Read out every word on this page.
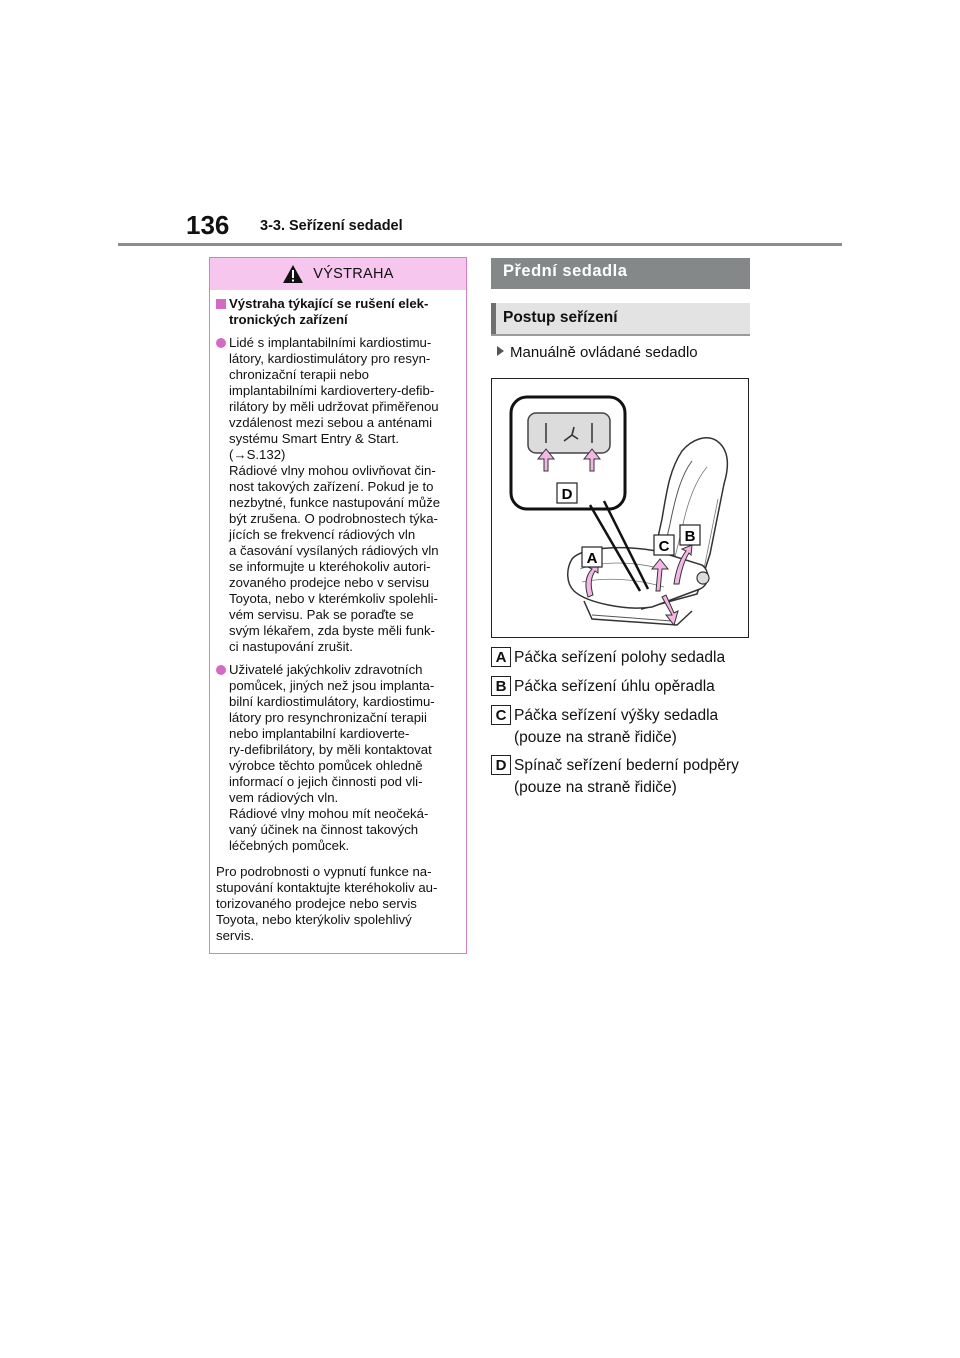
136 3-3. Seřízení sedadel
VÝSTRAHA
Výstraha týkající se rušení elek-
tronických zařízení
Lidé s implantabilními kardiostimu-
látory, kardiostimulátory pro resyn-
chronizační terapii nebo
implantabilními kardiovertery-defib-
rilátory by měli udržovat přiměřenou
vzdálenost mezi sebou a anténami
systému Smart Entry & Start.
(→S.132)
Rádiové vlny mohou ovlivňovat čin-
nost takových zařízení. Pokud je to
nezbytné, funkce nastupování může
být zrušena. O podrobnostech týka-
jících se frekvencí rádiových vln
a časování vysílaných rádiových vln
se informujte u kteréhokoliv autori-
zovaného prodejce nebo v servisu
Toyota, nebo v kterémkoliv spolehli-
vém servisu. Pak se poraďte se
svým lékařem, zda byste měli funk-
ci nastupování zrušit.
Uživatelé jakýchkoliv zdravotních
pomůcek, jiných než jsou implanta-
bilní kardiostimulátory, kardiostimu-
látory pro resynchronizační terapii
nebo implantabilní kardioverte-
ry-defibrilátory, by měli kontaktovat
výrobce těchto pomůcek ohledně
informací o jejich činnosti pod vli-
vem rádiových vln.
Rádiové vlny mohou mít neočeká-
vaný účinek na činnost takových
léčebných pomůcek.
Pro podrobnosti o vypnutí funkce na-
stupování kontaktujte kteréhokoliv au-
torizovaného prodejce nebo servis
Toyota, nebo kterýkoliv spolehlivý
servis.
Přední sedadla
Postup seřízení
Manuálně ovládané sedadlo
D
A
C
B
A Páčka seřízení polohy sedadla
B Páčka seřízení úhlu opěradla
C Páčka seřízení výšky sedadla
(pouze na straně řidiče)
D Spínač seřízení bederní podpěry
(pouze na straně řidiče)
